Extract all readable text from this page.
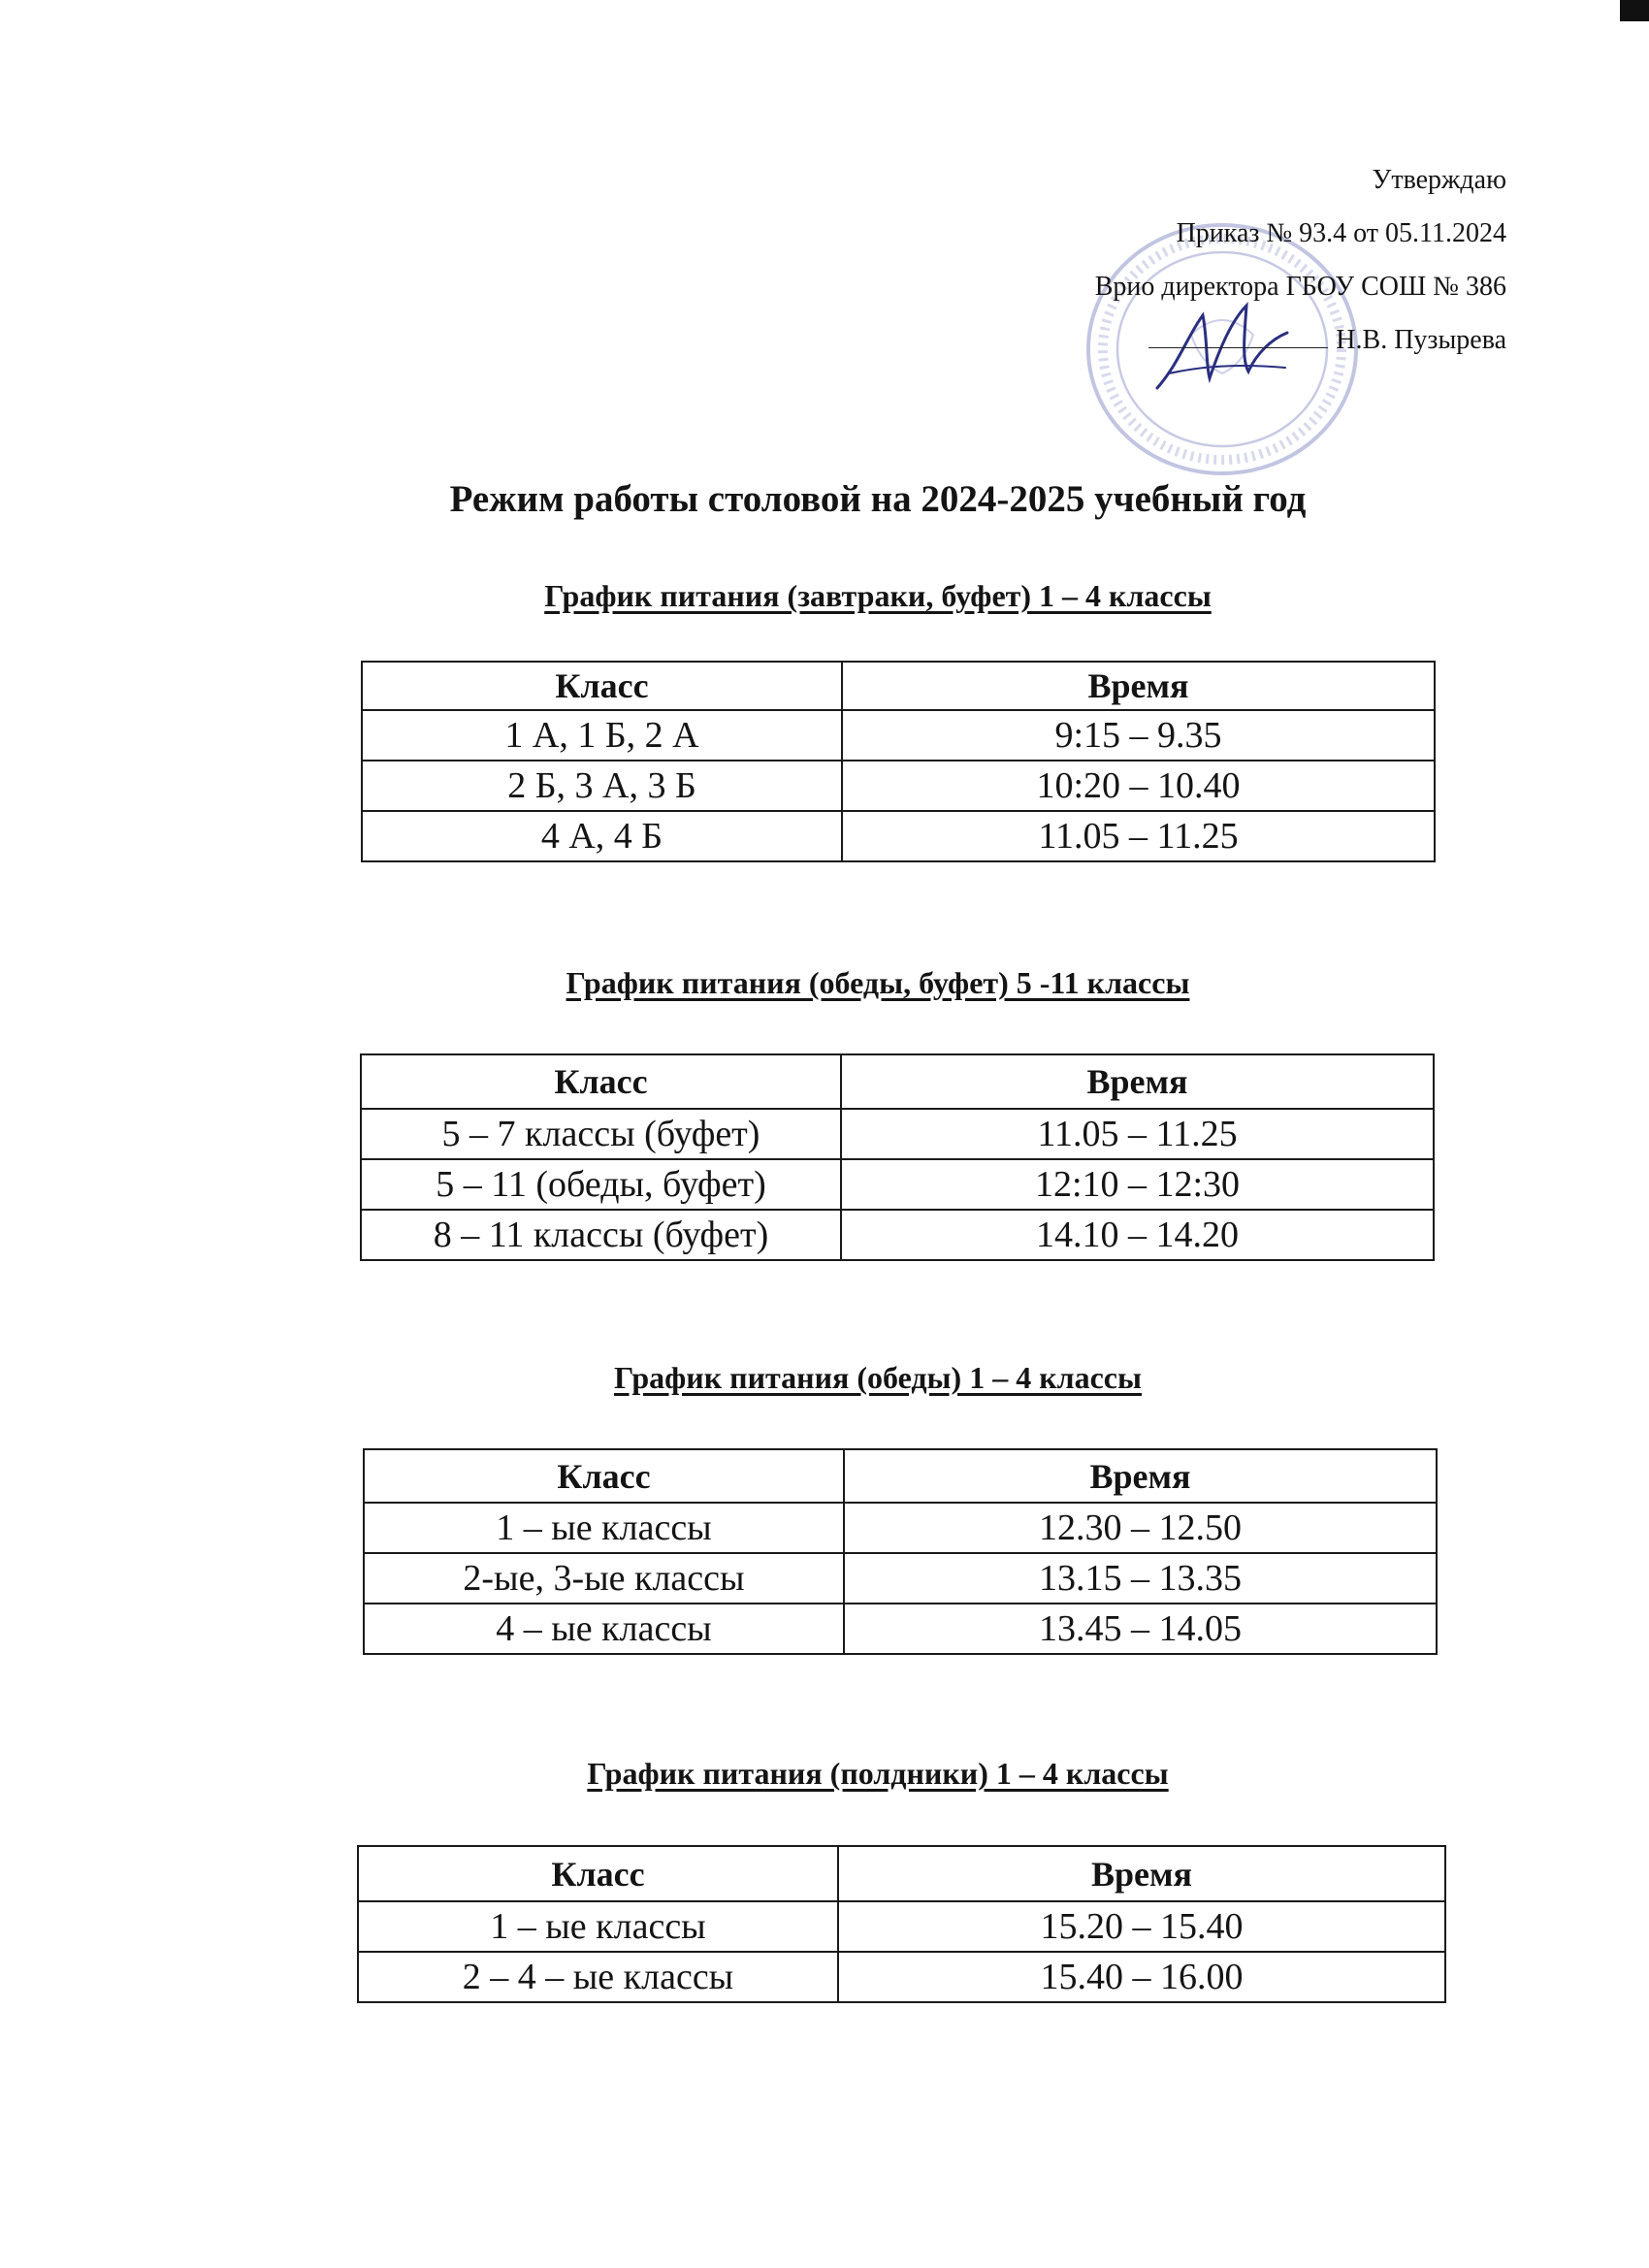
Утверждаю
Приказ № 93.4 от 05.11.2024
Врио директора ГБОУ СОШ № 386
Н.В. Пузырева
Режим работы столовой на 2024-2025 учебный год
График питания (завтраки, буфет) 1 – 4 классы
Класс	Время
1 А, 1 Б, 2 А	9:15 – 9.35
2 Б, 3 А, 3 Б	10:20 – 10.40
4 А, 4 Б	11.05 – 11.25
График питания (обеды, буфет) 5 -11 классы
Класс	Время
5 – 7 классы (буфет)	11.05 – 11.25
5 – 11 (обеды, буфет)	12:10 – 12:30
8 – 11 классы (буфет)	14.10 – 14.20
График питания (обеды) 1 – 4 классы
Класс	Время
1 – ые классы	12.30 – 12.50
2-ые, 3-ые классы	13.15 – 13.35
4 – ые классы	13.45 – 14.05
График питания (полдники) 1 – 4 классы
Класс	Время
1 – ые классы	15.20 – 15.40
2 – 4 – ые классы	15.40 – 16.00
